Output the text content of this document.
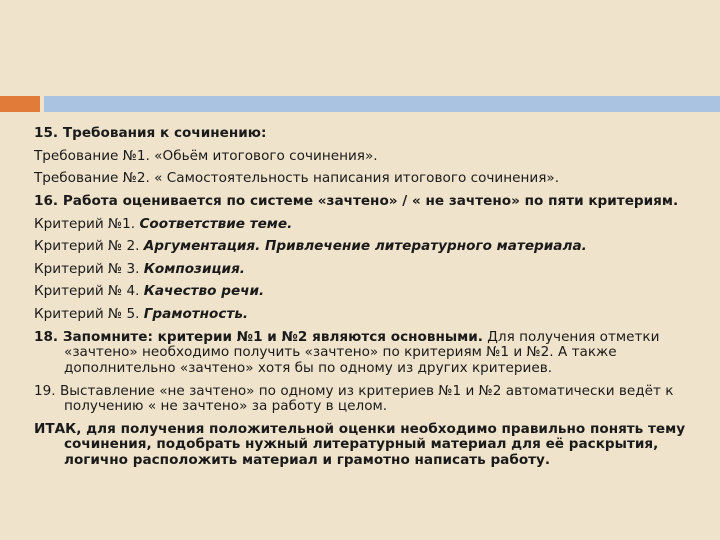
15. Требования к сочинению:

Требование №1. «Обьём итогового сочинения».

Требование №2. « Самостоятельность написания итогового сочинения».

16. Работа оценивается по системе «зачтено» / « не зачтено» по пяти критериям.

Критерий №1. Соответствие теме.

Критерий № 2. Аргументация. Привлечение литературного материала.

Критерий № 3. Композиция.

Критерий № 4. Качество речи.

Критерий № 5. Грамотность.

18. Запомните: критерии №1 и №2 являются основными. Для получения отметки «зачтено» необходимо получить «зачтено» по критериям №1 и №2. А также дополнительно «зачтено» хотя бы по одному из других критериев.

19. Выставление «не зачтено» по одному из критериев №1 и №2 автоматически ведёт к получению « не зачтено» за работу в целом.

ИТАК, для получения положительной оценки необходимо правильно понять тему сочинения, подобрать нужный литературный материал для её раскрытия, логично расположить материал и грамотно написать работу.
